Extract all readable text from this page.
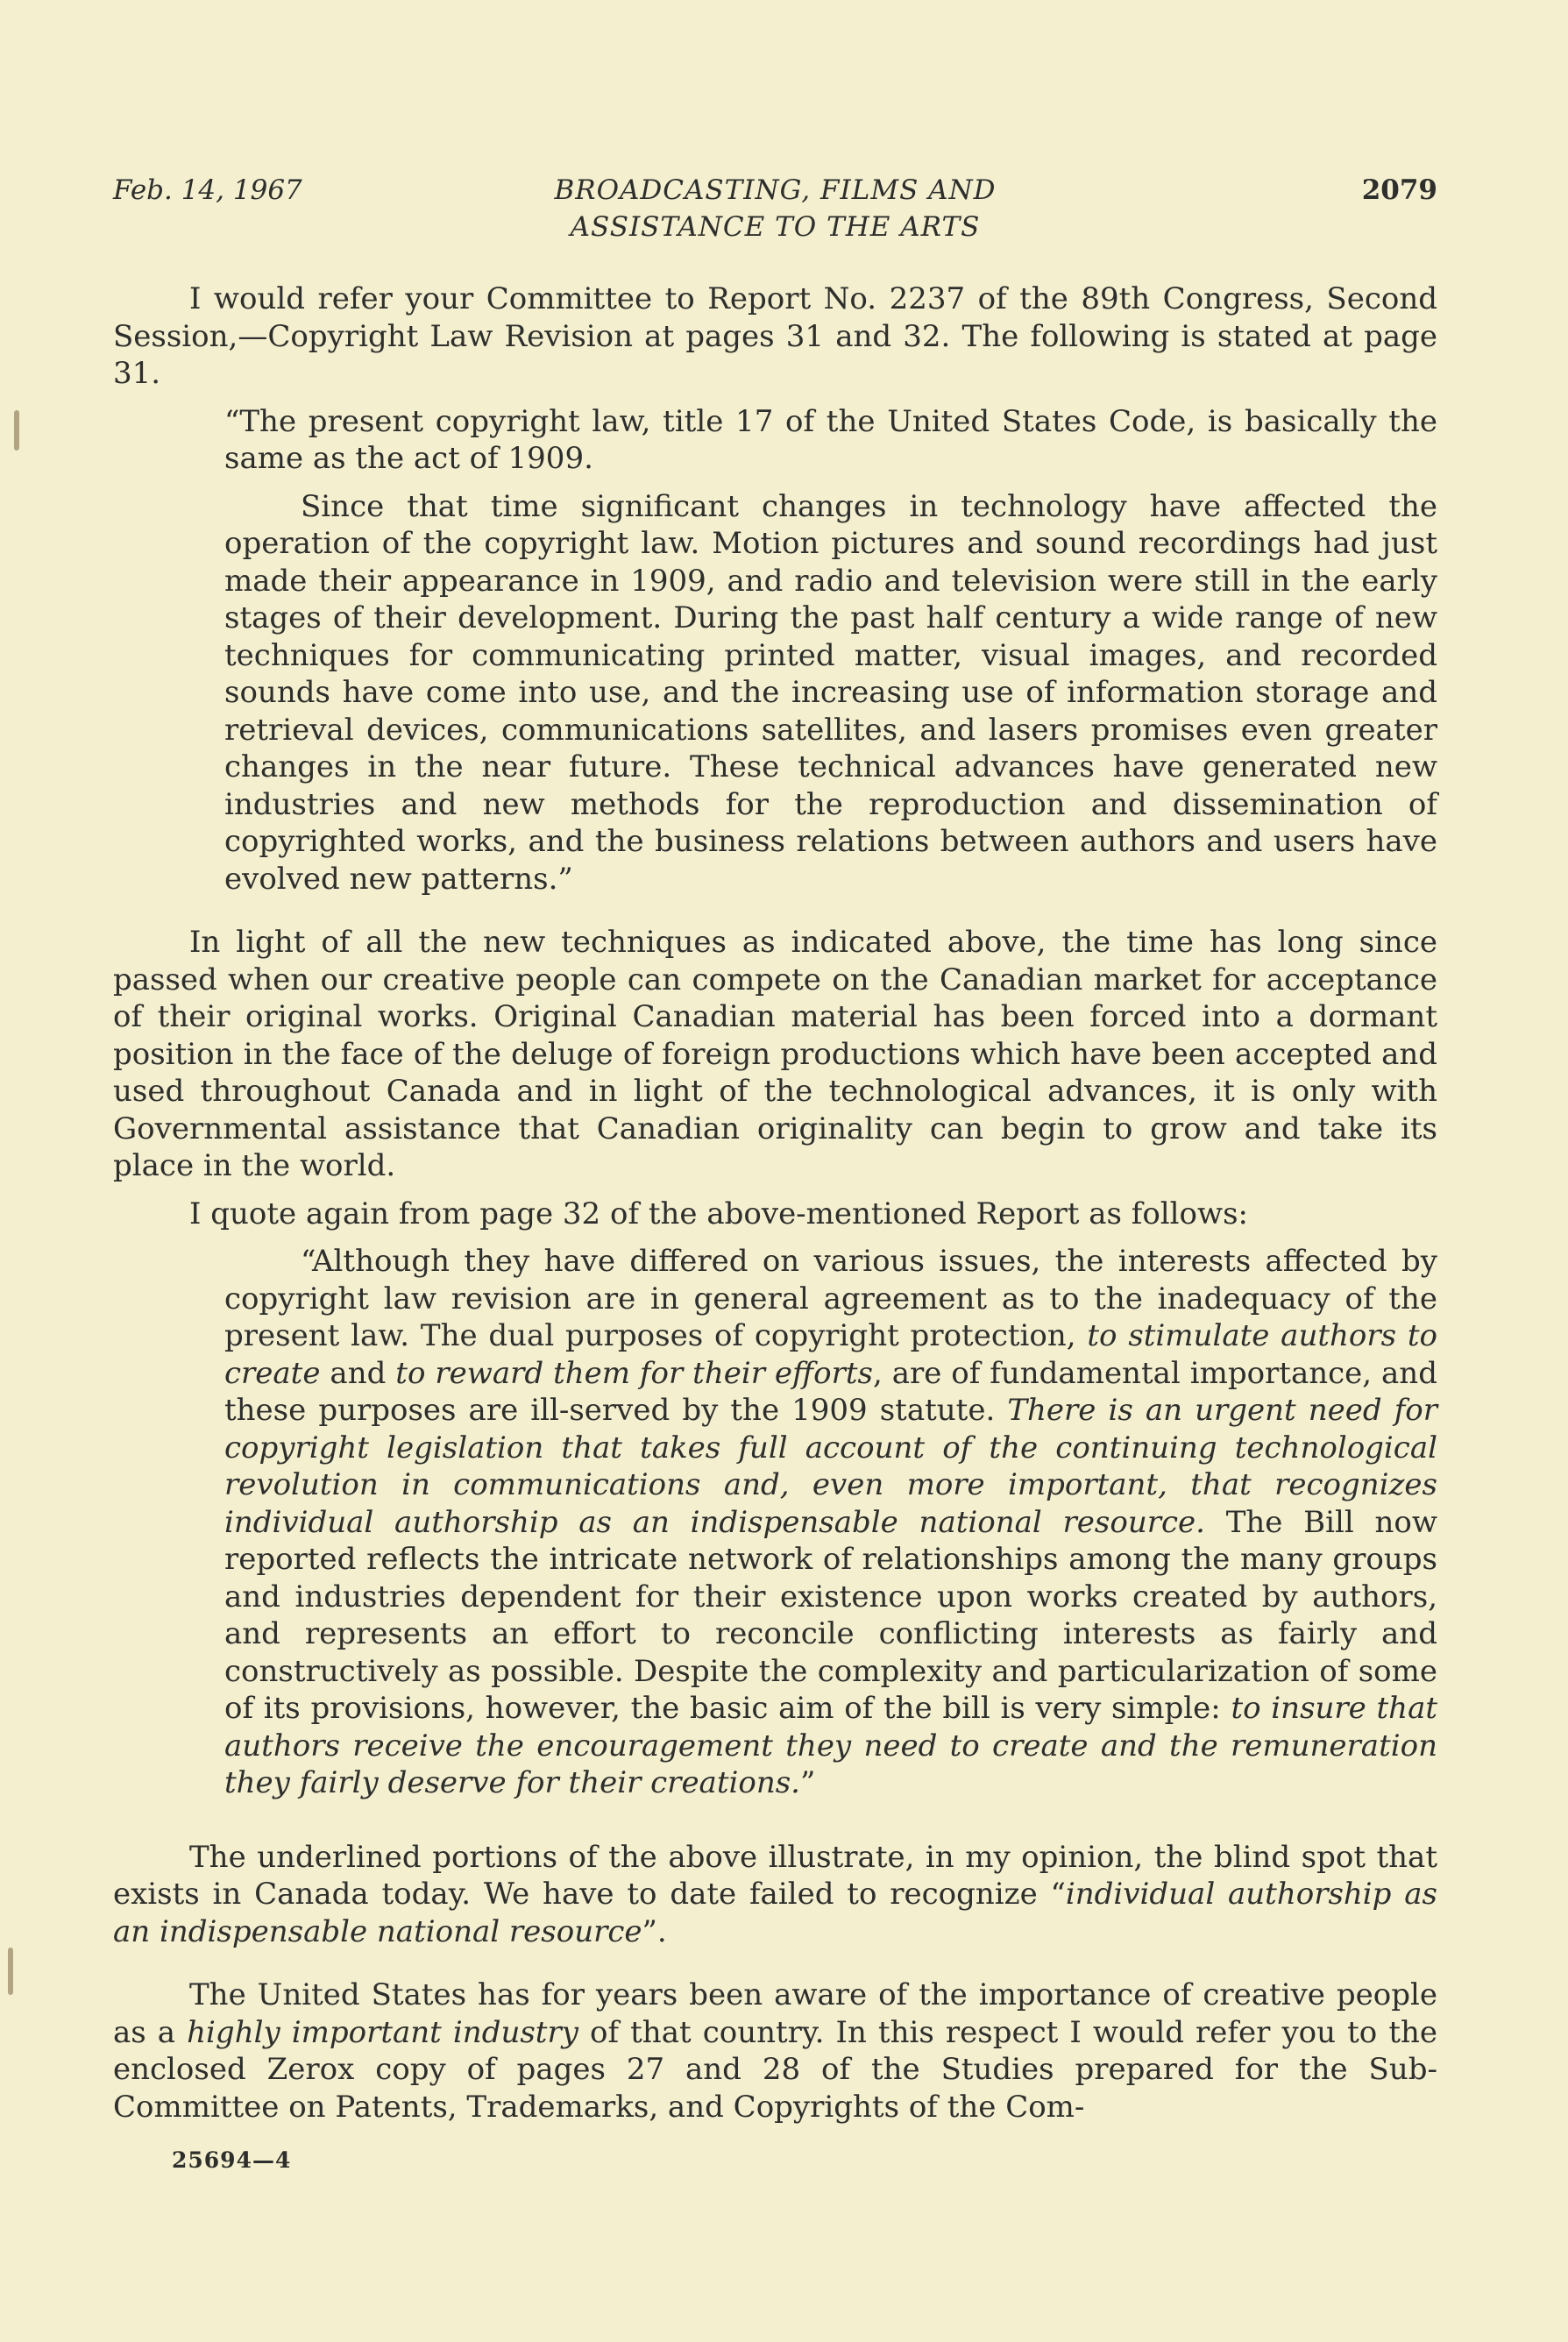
Feb. 14, 1967	BROADCASTING, FILMS AND
ASSISTANCE TO THE ARTS
2079

I would refer your Committee to Report No. 2237 of the 89th Congress, Second Session,—Copyright Law Revision at pages 31 and 32. The following is stated at page 31.

“The present copyright law, title 17 of the United States Code, is basically the same as the act of 1909.

Since that time significant changes in technology have affected the operation of the copyright law. Motion pictures and sound recordings had just made their appearance in 1909, and radio and television were still in the early stages of their development. During the past half century a wide range of new techniques for communicating printed matter, visual images, and recorded sounds have come into use, and the increasing use of information storage and retrieval devices, communications satellites, and lasers promises even greater changes in the near future. These technical advances have generated new industries and new methods for the reproduction and dissemination of copyrighted works, and the business relations between authors and users have evolved new patterns.”

In light of all the new techniques as indicated above, the time has long since passed when our creative people can compete on the Canadian market for acceptance of their original works. Original Canadian material has been forced into a dormant position in the face of the deluge of foreign productions which have been accepted and used throughout Canada and in light of the technological advances, it is only with Governmental assistance that Canadian originality can begin to grow and take its place in the world.

I quote again from page 32 of the above-mentioned Report as follows:

“Although they have differed on various issues, the interests affected by copyright law revision are in general agreement as to the inadequacy of the present law. The dual purposes of copyright protection, to stimulate authors to create and to reward them for their efforts, are of fundamental importance, and these purposes are ill-served by the 1909 statute. There is an urgent need for copyright legislation that takes full account of the continuing technological revolution in communications and, even more important, that recognizes individual authorship as an indispensable national resource. The Bill now reported reflects the intricate network of relationships among the many groups and industries dependent for their existence upon works created by authors, and represents an effort to reconcile conflicting interests as fairly and constructively as possible. Despite the complexity and particularization of some of its provisions, however, the basic aim of the bill is very simple: to insure that authors receive the encouragement they need to create and the remuneration they fairly deserve for their creations.”

The underlined portions of the above illustrate, in my opinion, the blind spot that exists in Canada today. We have to date failed to recognize “individual authorship as an indispensable national resource”.

The United States has for years been aware of the importance of creative people as a highly important industry of that country. In this respect I would refer you to the enclosed Zerox copy of pages 27 and 28 of the Studies prepared for the Sub-Committee on Patents, Trademarks, and Copyrights of the Com-

25694—4
